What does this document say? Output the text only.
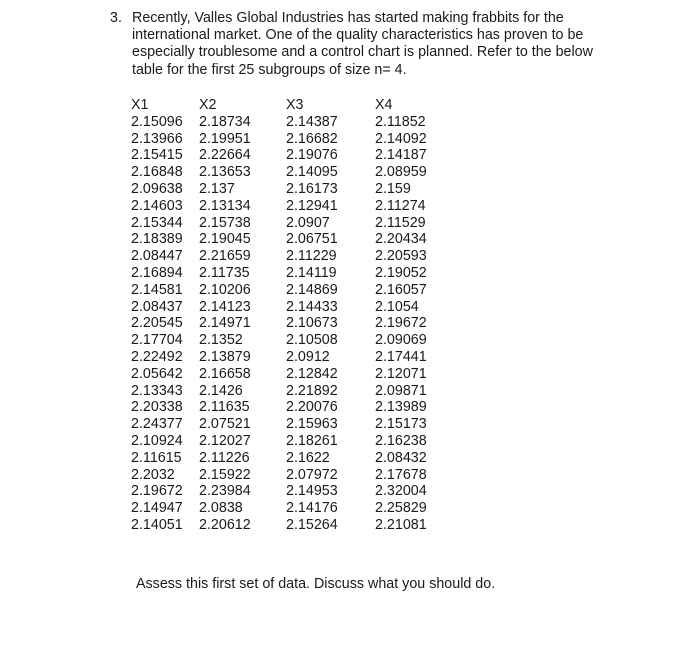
3. Recently, Valles Global Industries has started making frabbits for the
international market. One of the quality characteristics has proven to be
especially troublesome and a control chart is planned. Refer to the below
table for the first 25 subgroups of size n= 4.
X1	X2	X3	X4
2.15096	2.18734	2.14387	2.11852
2.13966	2.19951	2.16682	2.14092
2.15415	2.22664	2.19076	2.14187
2.16848	2.13653	2.14095	2.08959
2.09638	2.137	2.16173	2.159
2.14603	2.13134	2.12941	2.11274
2.15344	2.15738	2.0907	2.11529
2.18389	2.19045	2.06751	2.20434
2.08447	2.21659	2.11229	2.20593
2.16894	2.11735	2.14119	2.19052
2.14581	2.10206	2.14869	2.16057
2.08437	2.14123	2.14433	2.1054
2.20545	2.14971	2.10673	2.19672
2.17704	2.1352	2.10508	2.09069
2.22492	2.13879	2.0912	2.17441
2.05642	2.16658	2.12842	2.12071
2.13343	2.1426	2.21892	2.09871
2.20338	2.11635	2.20076	2.13989
2.24377	2.07521	2.15963	2.15173
2.10924	2.12027	2.18261	2.16238
2.11615	2.11226	2.1622	2.08432
2.2032	2.15922	2.07972	2.17678
2.19672	2.23984	2.14953	2.32004
2.14947	2.0838	2.14176	2.25829
2.14051	2.20612	2.15264	2.21081
Assess this first set of data. Discuss what you should do.
